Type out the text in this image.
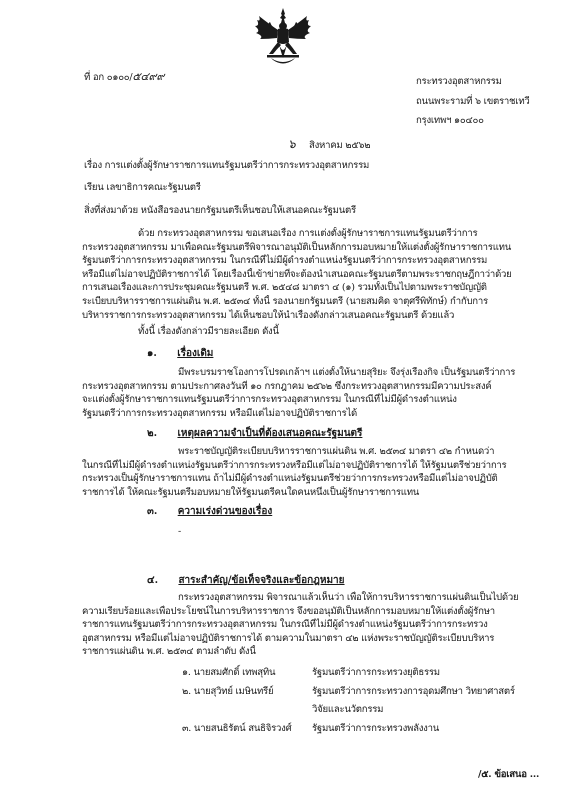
ที่ อก ๐๑๐๐/๕๔๙๙	กระทรวงอุตสาหกรรม
ถนนพระรามที่ ๖ เขตราชเทวี
กรุงเทพฯ ๑๐๔๐๐
๖ สิงหาคม ๒๕๖๒
เรื่อง การแต่งตั้งผู้รักษาราชการแทนรัฐมนตรีว่าการกระทรวงอุตสาหกรรม
เรียน เลขาธิการคณะรัฐมนตรี
สิ่งที่ส่งมาด้วย หนังสือรองนายกรัฐมนตรีเห็นชอบให้เสนอคณะรัฐมนตรี
ด้วย กระทรวงอุตสาหกรรม ขอเสนอเรื่อง การแต่งตั้งผู้รักษาราชการแทนรัฐมนตรีว่าการ
กระทรวงอุตสาหกรรม มาเพื่อคณะรัฐมนตรีพิจารณาอนุมัติเป็นหลักการมอบหมายให้แต่งตั้งผู้รักษาราชการแทน
รัฐมนตรีว่าการกระทรวงอุตสาหกรรม ในกรณีที่ไม่มีผู้ดำรงตำแหน่งรัฐมนตรีว่าการกระทรวงอุตสาหกรรม
หรือมีแต่ไม่อาจปฏิบัติราชการได้ โดยเรื่องนี้เข้าข่ายที่จะต้องนำเสนอคณะรัฐมนตรีตามพระราชกฤษฎีกาว่าด้วย
การเสนอเรื่องและการประชุมคณะรัฐมนตรี พ.ศ. ๒๕๔๘ มาตรา ๔ (๑) รวมทั้งเป็นไปตามพระราชบัญญัติ
ระเบียบบริหารราชการแผ่นดิน พ.ศ. ๒๕๓๔ ทั้งนี้ รองนายกรัฐมนตรี (นายสมคิด จาตุศรีพิทักษ์) กำกับการ
บริหารราชการกระทรวงอุตสาหกรรม ได้เห็นชอบให้นำเรื่องดังกล่าวเสนอคณะรัฐมนตรี ด้วยแล้ว
ทั้งนี้ เรื่องดังกล่าวมีรายละเอียด ดังนี้
๑. เรื่องเดิม
มีพระบรมราชโองการโปรดเกล้าฯ แต่งตั้งให้นายสุริยะ จึงรุ่งเรืองกิจ เป็นรัฐมนตรีว่าการ
กระทรวงอุตสาหกรรม ตามประกาศลงวันที่ ๑๐ กรกฎาคม ๒๕๖๒ ซึ่งกระทรวงอุตสาหกรรมมีความประสงค์
จะแต่งตั้งผู้รักษาราชการแทนรัฐมนตรีว่าการกระทรวงอุตสาหกรรม ในกรณีที่ไม่มีผู้ดำรงตำแหน่ง
รัฐมนตรีว่าการกระทรวงอุตสาหกรรม หรือมีแต่ไม่อาจปฏิบัติราชการได้
๒. เหตุผลความจำเป็นที่ต้องเสนอคณะรัฐมนตรี
พระราชบัญญัติระเบียบบริหารราชการแผ่นดิน พ.ศ. ๒๕๓๔ มาตรา ๔๒ กำหนดว่า
ในกรณีที่ไม่มีผู้ดำรงตำแหน่งรัฐมนตรีว่าการกระทรวงหรือมีแต่ไม่อาจปฏิบัติราชการได้ ให้รัฐมนตรีช่วยว่าการ
กระทรวงเป็นผู้รักษาราชการแทน ถ้าไม่มีผู้ดำรงตำแหน่งรัฐมนตรีช่วยว่าการกระทรวงหรือมีแต่ไม่อาจปฏิบัติ
ราชการได้ ให้คณะรัฐมนตรีมอบหมายให้รัฐมนตรีคนใดคนหนึ่งเป็นผู้รักษาราชการแทน
๓. ความเร่งด่วนของเรื่อง
-
๔. สาระสำคัญ/ข้อเท็จจริงและข้อกฎหมาย
กระทรวงอุตสาหกรรม พิจารณาแล้วเห็นว่า เพื่อให้การบริหารราชการแผ่นดินเป็นไปด้วย
ความเรียบร้อยและเพื่อประโยชน์ในการบริหารราชการ จึงขออนุมัติเป็นหลักการมอบหมายให้แต่งตั้งผู้รักษา
ราชการแทนรัฐมนตรีว่าการกระทรวงอุตสาหกรรม ในกรณีที่ไม่มีผู้ดำรงตำแหน่งรัฐมนตรีว่าการกระทรวง
อุตสาหกรรม หรือมีแต่ไม่อาจปฏิบัติราชการได้ ตามความในมาตรา ๔๒ แห่งพระราชบัญญัติระเบียบบริหาร
ราชการแผ่นดิน พ.ศ. ๒๕๓๔ ตามลำดับ ดังนี้
๑. นายสมศักดิ์ เทพสุทิน	รัฐมนตรีว่าการกระทรวงยุติธรรม
๒. นายสุวิทย์ เมษินทรีย์	รัฐมนตรีว่าการกระทรวงการอุดมศึกษา วิทยาศาสตร์
วิจัยและนวัตกรรม
๓. นายสนธิรัตน์ สนธิจิรวงศ์ รัฐมนตรีว่าการกระทรวงพลังงาน
/๕. ข้อเสนอ ...
